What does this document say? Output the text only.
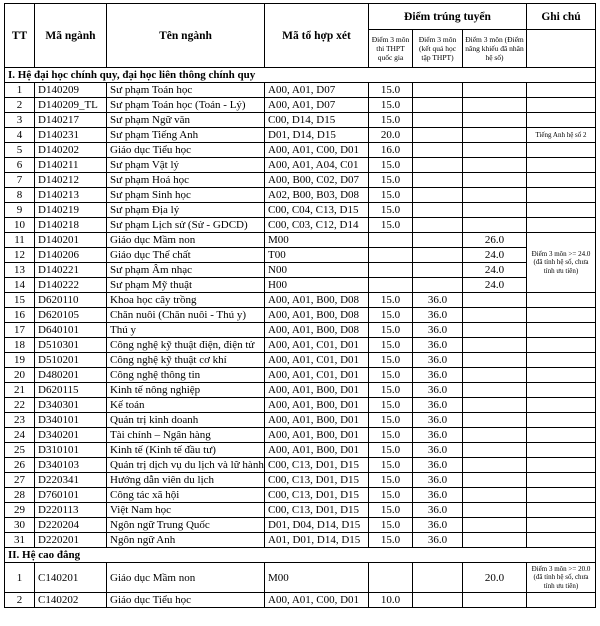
TT	Mã ngành	Tên ngành	Mã tổ hợp xét	Điểm trúng tuyển			Ghi chú
				Điểm 3 môn thi THPT quốc gia	Điểm 3 môn (kết quả học tập THPT)	Điểm 3 môn (Điểm năng khiếu đã nhân hệ số)	
I. Hệ đại học chính quy, đại học liên thông chính quy							
1	D140209	Sư phạm Toán học	A00, A01, D07	15.0			
2	D140209_TL	Sư phạm Toán học (Toán - Lý)	A00, A01, D07	15.0			
3	D140217	Sư phạm Ngữ văn	C00, D14, D15	15.0			
4	D140231	Sư phạm Tiếng Anh	D01, D14, D15	20.0			Tiếng Anh hệ số 2
5	D140202	Giáo dục Tiểu học	A00, A01, C00, D01	16.0			
6	D140211	Sư phạm Vật lý	A00, A01, A04, C01	15.0			
7	D140212	Sư phạm Hoá học	A00, B00, C02, D07	15.0			
8	D140213	Sư phạm Sinh học	A02, B00, B03, D08	15.0			
9	D140219	Sư phạm Địa lý	C00, C04, C13, D15	15.0			
10	D140218	Sư phạm Lịch sử (Sử - GDCD)	C00, C03, C12, D14	15.0			
11	D140201	Giáo dục Mầm non	M00			26.0	Điểm 3 môn >= 24.0 (đã tính hệ số, chưa tính ưu tiên)
12	D140206	Giáo dục Thể chất	T00			24.0	
13	D140221	Sư phạm Âm nhạc	N00			24.0	
14	D140222	Sư phạm Mỹ thuật	H00			24.0	
15	D620110	Khoa học cây trồng	A00, A01, B00, D08	15.0	36.0		
16	D620105	Chăn nuôi (Chăn nuôi - Thú y)	A00, A01, B00, D08	15.0	36.0		
17	D640101	Thú y	A00, A01, B00, D08	15.0	36.0		
18	D510301	Công nghệ kỹ thuật điện, điện tử	A00, A01, C01, D01	15.0	36.0		
19	D510201	Công nghệ kỹ thuật cơ khí	A00, A01, C01, D01	15.0	36.0		
20	D480201	Công nghệ thông tin	A00, A01, C01, D01	15.0	36.0		
21	D620115	Kinh tế nông nghiệp	A00, A01, B00, D01	15.0	36.0		
22	D340301	Kế toán	A00, A01, B00, D01	15.0	36.0		
23	D340101	Quản trị kinh doanh	A00, A01, B00, D01	15.0	36.0		
24	D340201	Tài chính – Ngân hàng	A00, A01, B00, D01	15.0	36.0		
25	D310101	Kinh tế (Kinh tế đầu tư)	A00, A01, B00, D01	15.0	36.0		
26	D340103	Quản trị dịch vụ du lịch và lữ hành	C00, C13, D01, D15	15.0	36.0		
27	D220341	Hướng dẫn viên du lịch	C00, C13, D01, D15	15.0	36.0		
28	D760101	Công tác xã hội	C00, C13, D01, D15	15.0	36.0		
29	D220113	Việt Nam học	C00, C13, D01, D15	15.0	36.0		
30	D220204	Ngôn ngữ Trung Quốc	D01, D04, D14, D15	15.0	36.0		
31	D220201	Ngôn ngữ Anh	A01, D01, D14, D15	15.0	36.0		
II. Hệ cao đẳng							
1	C140201	Giáo dục Mầm non	M00			20.0	Điểm 3 môn >= 20.0 (đã tính hệ số, chưa tính ưu tiên)
2	C140202	Giáo dục Tiểu học	A00, A01, C00, D01	10.0			
